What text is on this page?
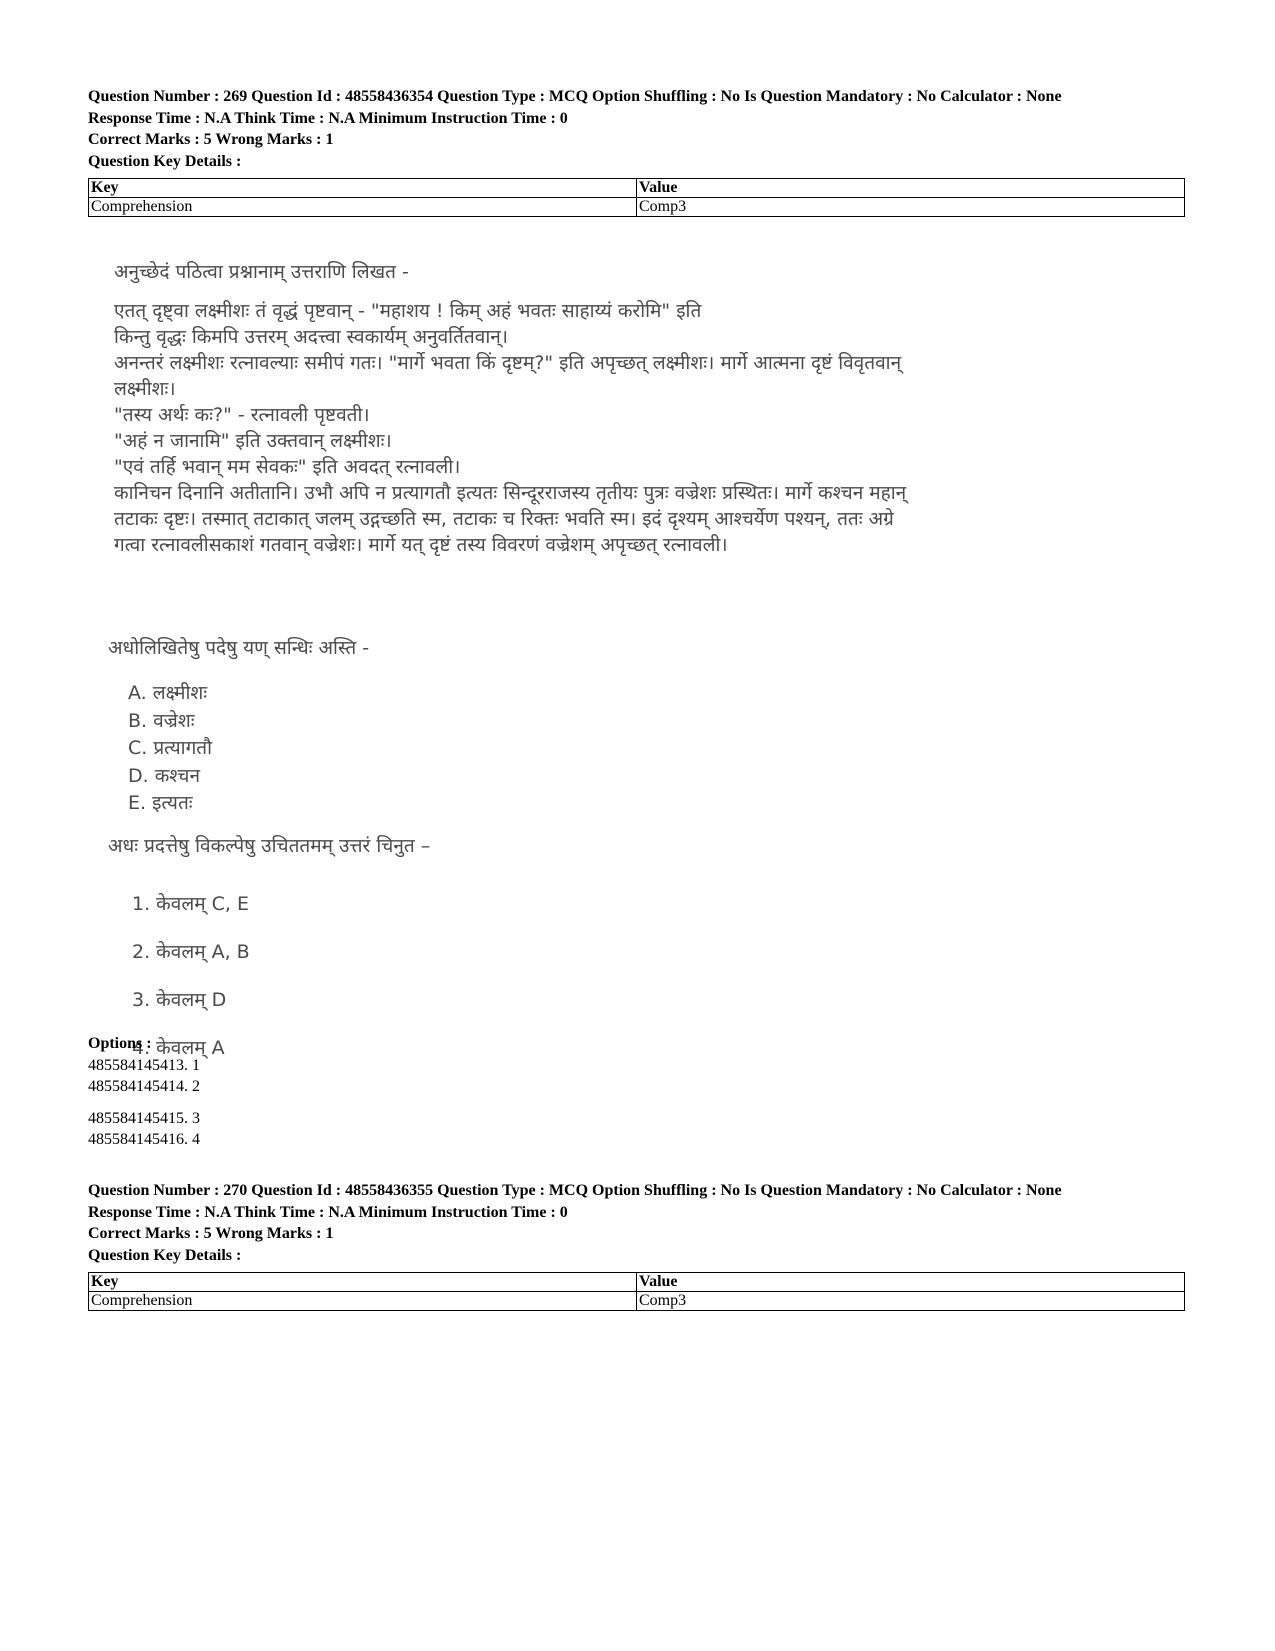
Question Number : 269 Question Id : 48558436354 Question Type : MCQ Option Shuffling : No Is Question Mandatory : No Calculator : None
Response Time : N.A Think Time : N.A Minimum Instruction Time : 0
Correct Marks : 5 Wrong Marks : 1
Question Key Details :
Key	Value
Comprehension	Comp3
अनुच्छेदं पठित्वा प्रश्नानाम् उत्तराणि लिखत -

एतत् दृष्ट्वा लक्ष्मीशः तं वृद्धं पृष्टवान् - "महाशय ! किम् अहं भवतः साहाय्यं करोमि" इति

किन्तु वृद्धः किमपि उत्तरम् अदत्त्वा स्वकार्यम् अनुवर्तितवान्।

अनन्तरं लक्ष्मीशः रत्नावल्याः समीपं गतः। "मार्गे भवता किं दृष्टम्?" इति अपृच्छत् लक्ष्मीशः। मार्गे आत्मना दृष्टं विवृतवान्

लक्ष्मीशः।

"तस्य अर्थः कः?" - रत्नावली पृष्टवती।

"अहं न जानामि" इति उक्तवान् लक्ष्मीशः।

"एवं तर्हि भवान् मम सेवकः" इति अवदत् रत्नावली।

कानिचन दिनानि अतीतानि। उभौ अपि न प्रत्यागतौ इत्यतः सिन्दूरराजस्य तृतीयः पुत्रः वज्रेशः प्रस्थितः। मार्गे कश्चन महान्

तटाकः दृष्टः। तस्मात् तटाकात् जलम् उद्गच्छति स्म, तटाकः च रिक्तः भवति स्म। इदं दृश्यम् आश्चर्येण पश्यन्, ततः अग्रे

गत्वा रत्नावलीसकाशं गतवान् वज्रेशः। मार्गे यत् दृष्टं तस्य विवरणं वज्रेशम् अपृच्छत् रत्नावली।

अधोलिखितेषु पदेषु यण् सन्धिः अस्ति -
A. लक्ष्मीशः
B. वज्रेशः
C. प्रत्यागतौ
D. कश्चन
E. इत्यतः
अधः प्रदत्तेषु विकल्पेषु उचिततमम् उत्तरं चिनुत –
1. केवलम् C, E
2. केवलम् A, B
3. केवलम् D
4. केवलम् A
Options :
485584145413. 1
485584145414. 2
485584145415. 3
485584145416. 4
Question Number : 270 Question Id : 48558436355 Question Type : MCQ Option Shuffling : No Is Question Mandatory : No Calculator : None
Response Time : N.A Think Time : N.A Minimum Instruction Time : 0
Correct Marks : 5 Wrong Marks : 1
Question Key Details :
Key	Value
Comprehension	Comp3
